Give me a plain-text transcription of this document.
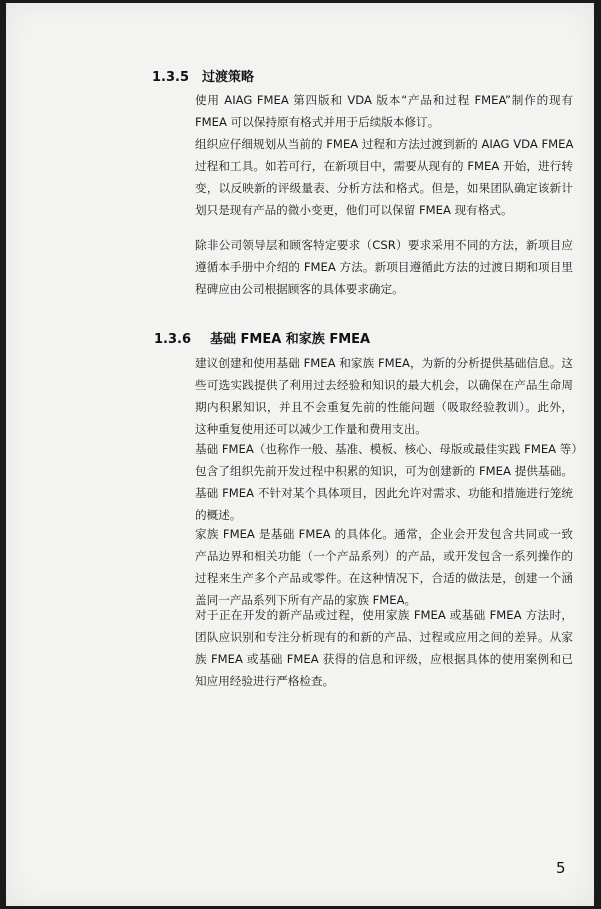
1.3.5 过渡策略
使用 AIAG FMEA 第四版和 VDA 版本“产品和过程 FMEA”制作的现有
FMEA 可以保持原有格式并用于后续版本修订。
组织应仔细规划从当前的 FMEA 过程和方法过渡到新的 AIAG VDA FMEA
过程和工具。如若可行，在新项目中，需要从现有的 FMEA 开始，进行转
变，以反映新的评级量表、分析方法和格式。但是，如果团队确定该新计
划只是现有产品的微小变更，他们可以保留 FMEA 现有格式。
除非公司领导层和顾客特定要求（CSR）要求采用不同的方法，新项目应
遵循本手册中介绍的 FMEA 方法。新项目遵循此方法的过渡日期和项目里
程碑应由公司根据顾客的具体要求确定。
1.3.6 基础 FMEA 和家族 FMEA
建议创建和使用基础 FMEA 和家族 FMEA，为新的分析提供基础信息。这
些可选实践提供了利用过去经验和知识的最大机会，以确保在产品生命周
期内积累知识，并且不会重复先前的性能问题（吸取经验教训）。此外，
这种重复使用还可以减少工作量和费用支出。
基础 FMEA（也称作一般、基准、模板、核心、母版或最佳实践 FMEA 等）
包含了组织先前开发过程中积累的知识，可为创建新的 FMEA 提供基础。
基础 FMEA 不针对某个具体项目，因此允许对需求、功能和措施进行笼统
的概述。
家族 FMEA 是基础 FMEA 的具体化。通常，企业会开发包含共同或一致
产品边界和相关功能（一个产品系列）的产品，或开发包含一系列操作的
过程来生产多个产品或零件。在这种情况下，合适的做法是，创建一个涵
盖同一产品系列下所有产品的家族 FMEA。
对于正在开发的新产品或过程，使用家族 FMEA 或基础 FMEA 方法时，
团队应识别和专注分析现有的和新的产品、过程或应用之间的差异。从家
族 FMEA 或基础 FMEA 获得的信息和评级，应根据具体的使用案例和已
知应用经验进行严格检查。
5
